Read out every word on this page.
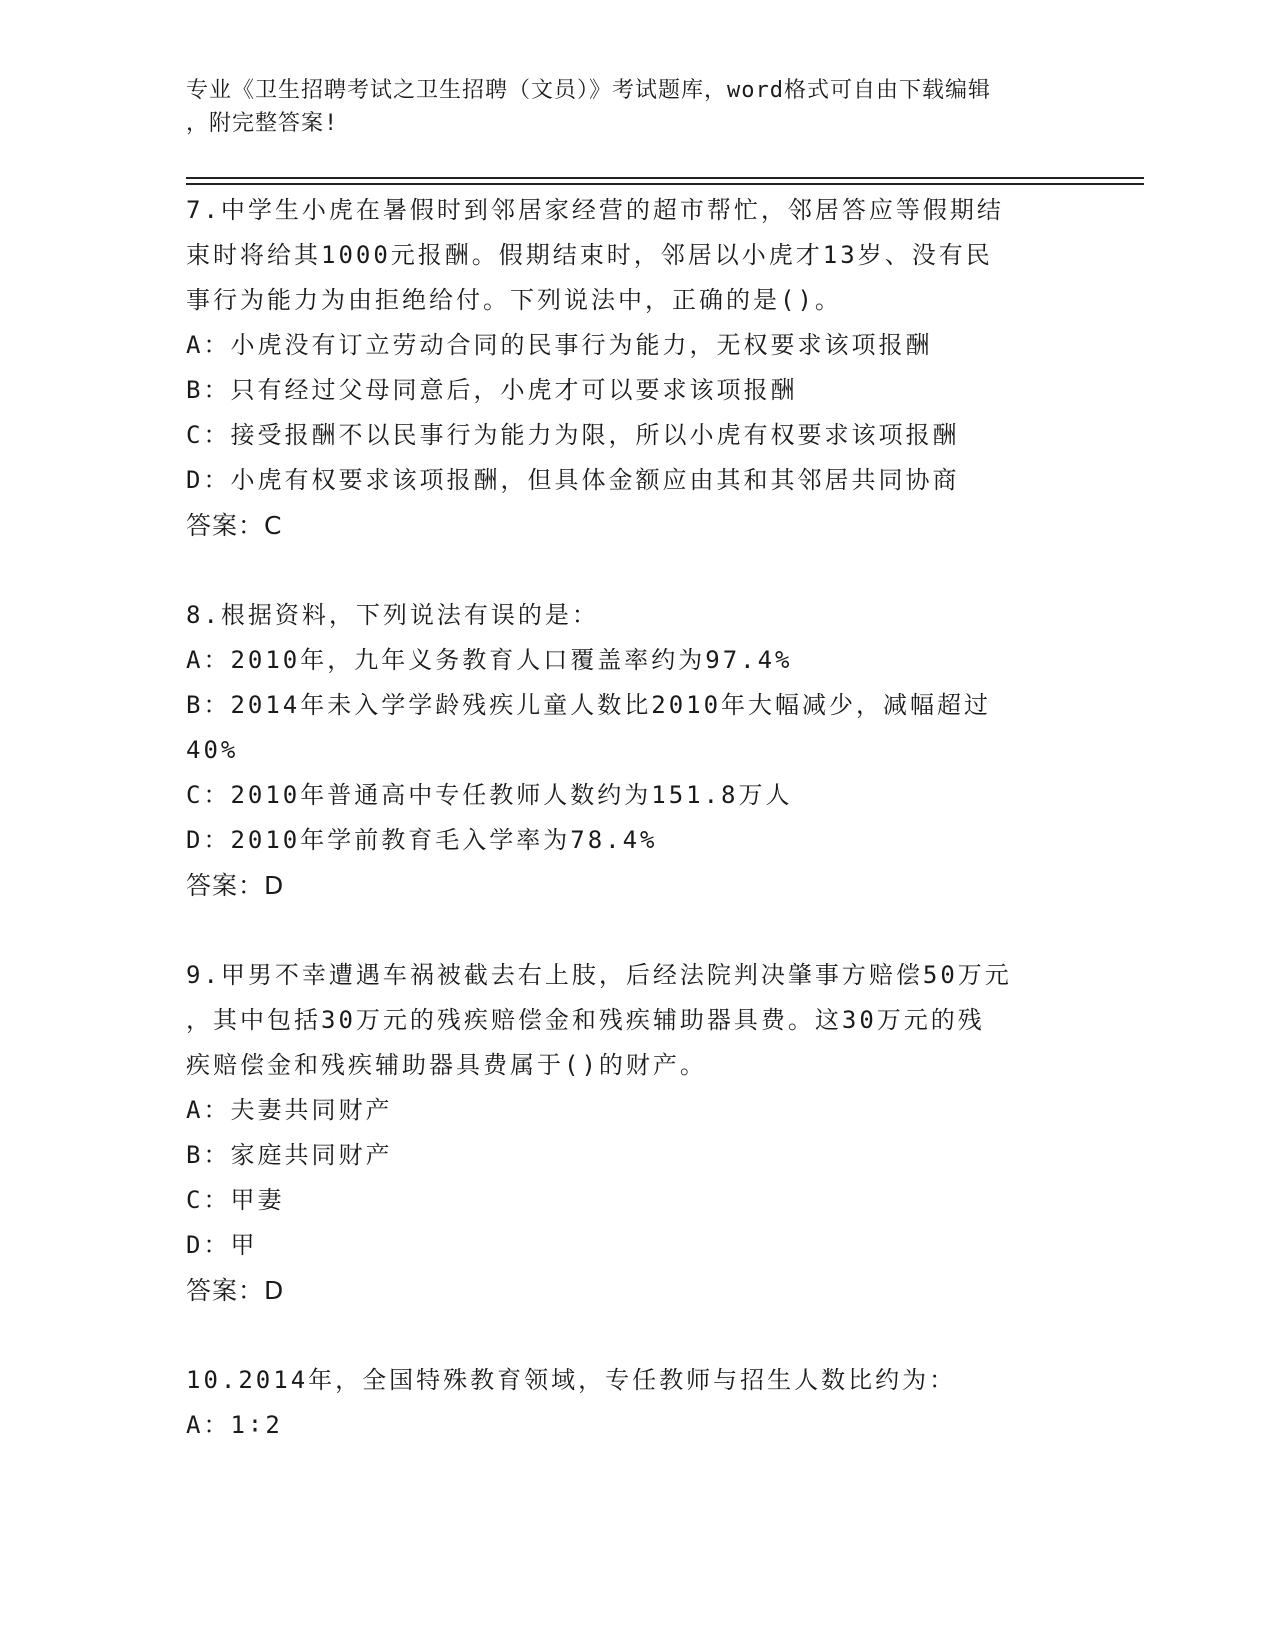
专业《卫生招聘考试之卫生招聘（文员）》考试题库，word格式可自由下载编辑
，附完整答案!
7.中学生小虎在暑假时到邻居家经营的超市帮忙，邻居答应等假期结
束时将给其1000元报酬。假期结束时，邻居以小虎才13岁、没有民
事行为能力为由拒绝给付。下列说法中，正确的是()。
A：小虎没有订立劳动合同的民事行为能力，无权要求该项报酬
B：只有经过父母同意后，小虎才可以要求该项报酬
C：接受报酬不以民事行为能力为限，所以小虎有权要求该项报酬
D：小虎有权要求该项报酬，但具体金额应由其和其邻居共同协商
答案：C
8.根据资料，下列说法有误的是：
A：2010年，九年义务教育人口覆盖率约为97.4%
B：2014年未入学学龄残疾儿童人数比2010年大幅减少，减幅超过
40%
C：2010年普通高中专任教师人数约为151.8万人
D：2010年学前教育毛入学率为78.4%
答案：D
9.甲男不幸遭遇车祸被截去右上肢，后经法院判决肇事方赔偿50万元
，其中包括30万元的残疾赔偿金和残疾辅助器具费。这30万元的残
疾赔偿金和残疾辅助器具费属于()的财产。
A：夫妻共同财产
B：家庭共同财产
C：甲妻
D：甲
答案：D
10.2014年，全国特殊教育领域，专任教师与招生人数比约为：
A：1∶2
